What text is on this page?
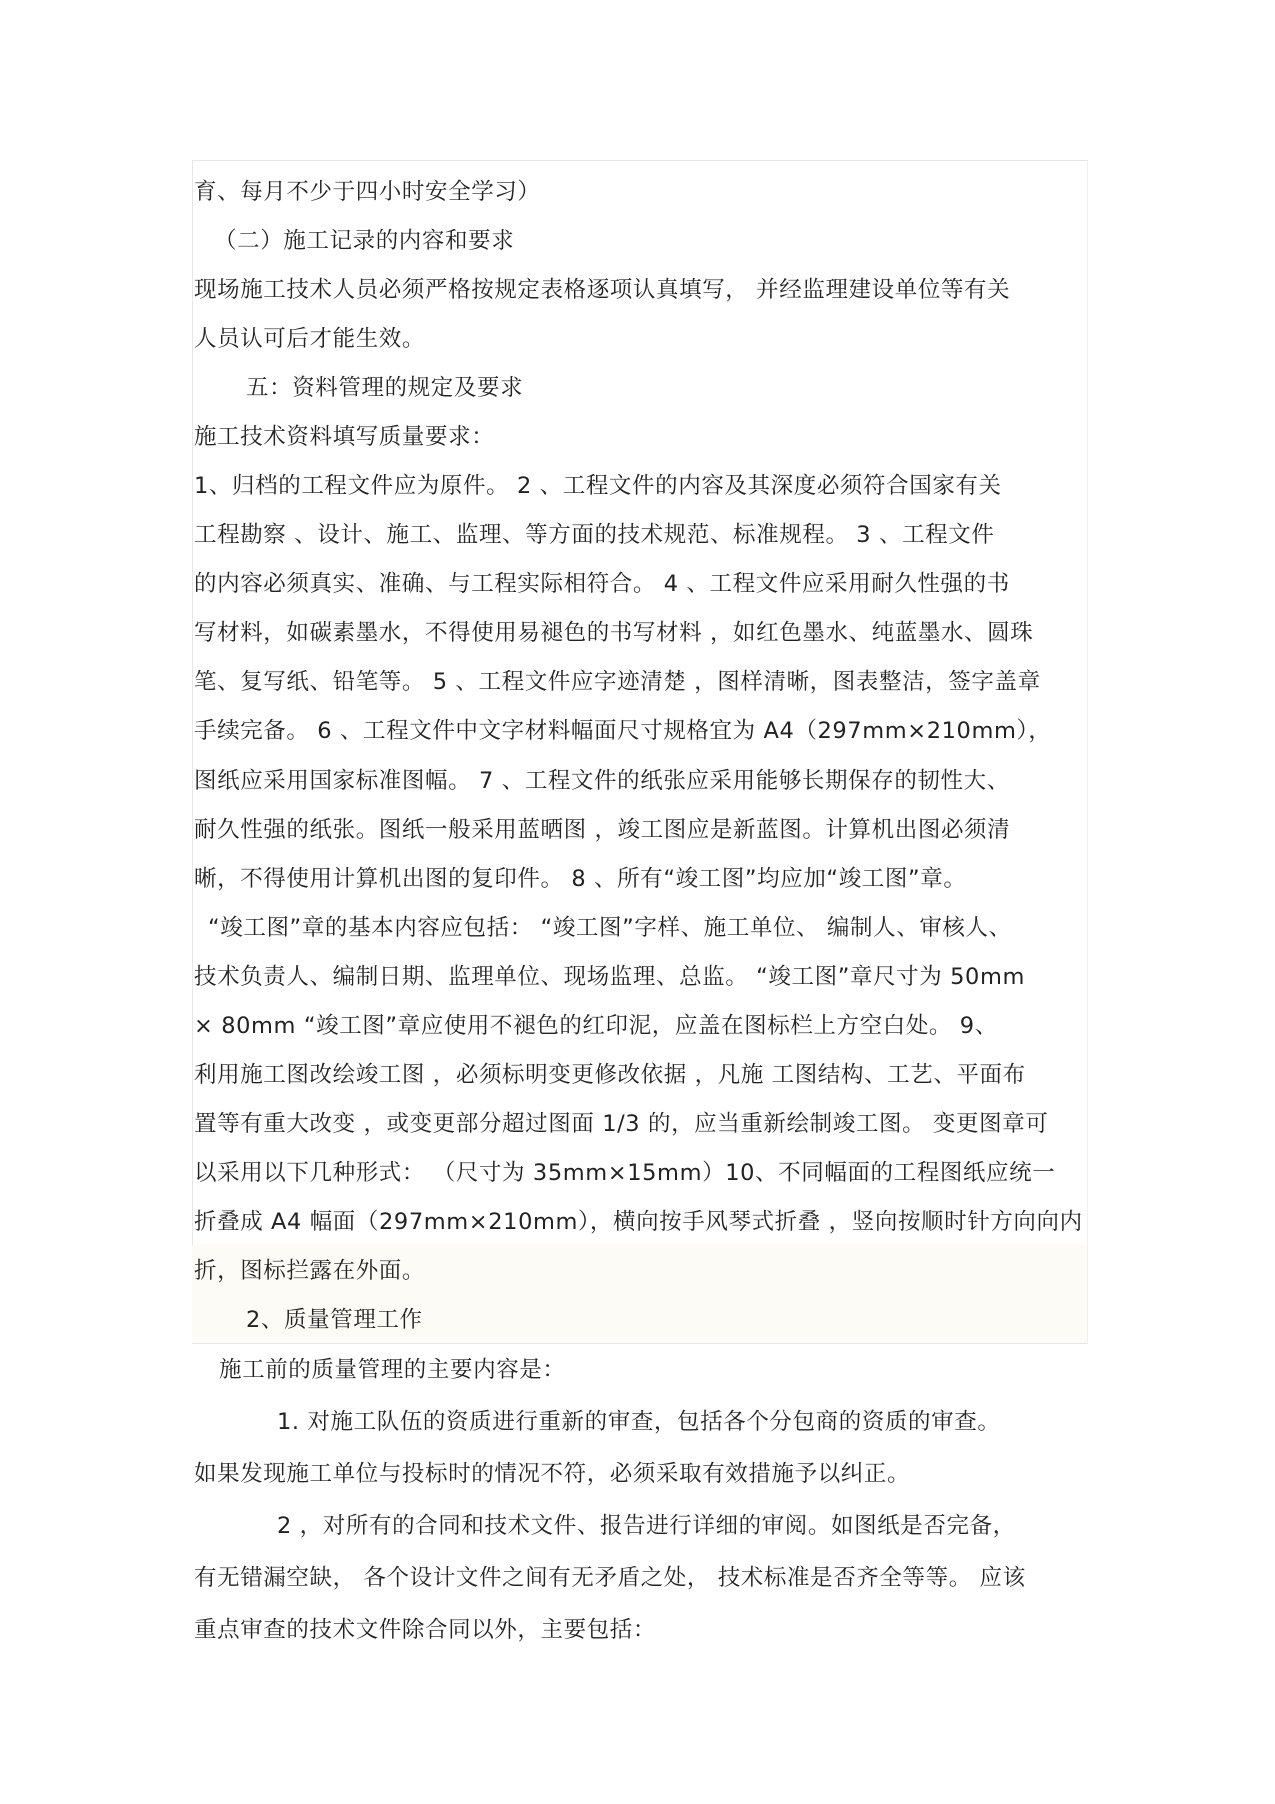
育、每月不少于四小时安全学习）
（二）施工记录的内容和要求
现场施工技术人员必须严格按规定表格逐项认真填写， 并经监理建设单位等有关
人员认可后才能生效。
五：资料管理的规定及要求
施工技术资料填写质量要求：
1、归档的工程文件应为原件。 2 、工程文件的内容及其深度必须符合国家有关
工程勘察 、设计、施工、监理、等方面的技术规范、标准规程。 3 、工程文件
的内容必须真实、准确、与工程实际相符合。 4 、工程文件应采用耐久性强的书
写材料，如碳素墨水，不得使用易褪色的书写材料 ，如红色墨水、纯蓝墨水、圆珠
笔、复写纸、铅笔等。 5 、工程文件应字迹清楚 ，图样清晰，图表整洁，签字盖章
手续完备。 6 、工程文件中文字材料幅面尺寸规格宜为 A4（297mm×210mm），
图纸应采用国家标准图幅。 7 、工程文件的纸张应采用能够长期保存的韧性大、
耐久性强的纸张。图纸一般采用蓝晒图 ，竣工图应是新蓝图。计算机出图必须清
晰，不得使用计算机出图的复印件。 8 、所有“竣工图”均应加“竣工图”章。
“竣工图”章的基本内容应包括： “竣工图”字样、施工单位、 编制人、审核人、
技术负责人、编制日期、监理单位、现场监理、总监。 “竣工图”章尺寸为 50mm
× 80mm “竣工图”章应使用不褪色的红印泥，应盖在图标栏上方空白处。 9、
利用施工图改绘竣工图 ，必须标明变更修改依据 ，凡施 工图结构、工艺、平面布
置等有重大改变 ，或变更部分超过图面 1/3 的，应当重新绘制竣工图。 变更图章可
以采用以下几种形式： （尺寸为 35mm×15mm）10、不同幅面的工程图纸应统一
折叠成 A4 幅面（297mm×210mm），横向按手风琴式折叠 ，竖向按顺时针方向向内
折，图标拦露在外面。
2、质量管理工作
施工前的质量管理的主要内容是：
1. 对施工队伍的资质进行重新的审查，包括各个分包商的资质的审查。
如果发现施工单位与投标时的情况不符，必须采取有效措施予以纠正。
2 ，对所有的合同和技术文件、报告进行详细的审阅。如图纸是否完备，
有无错漏空缺， 各个设计文件之间有无矛盾之处， 技术标准是否齐全等等。 应该
重点审查的技术文件除合同以外，主要包括：
